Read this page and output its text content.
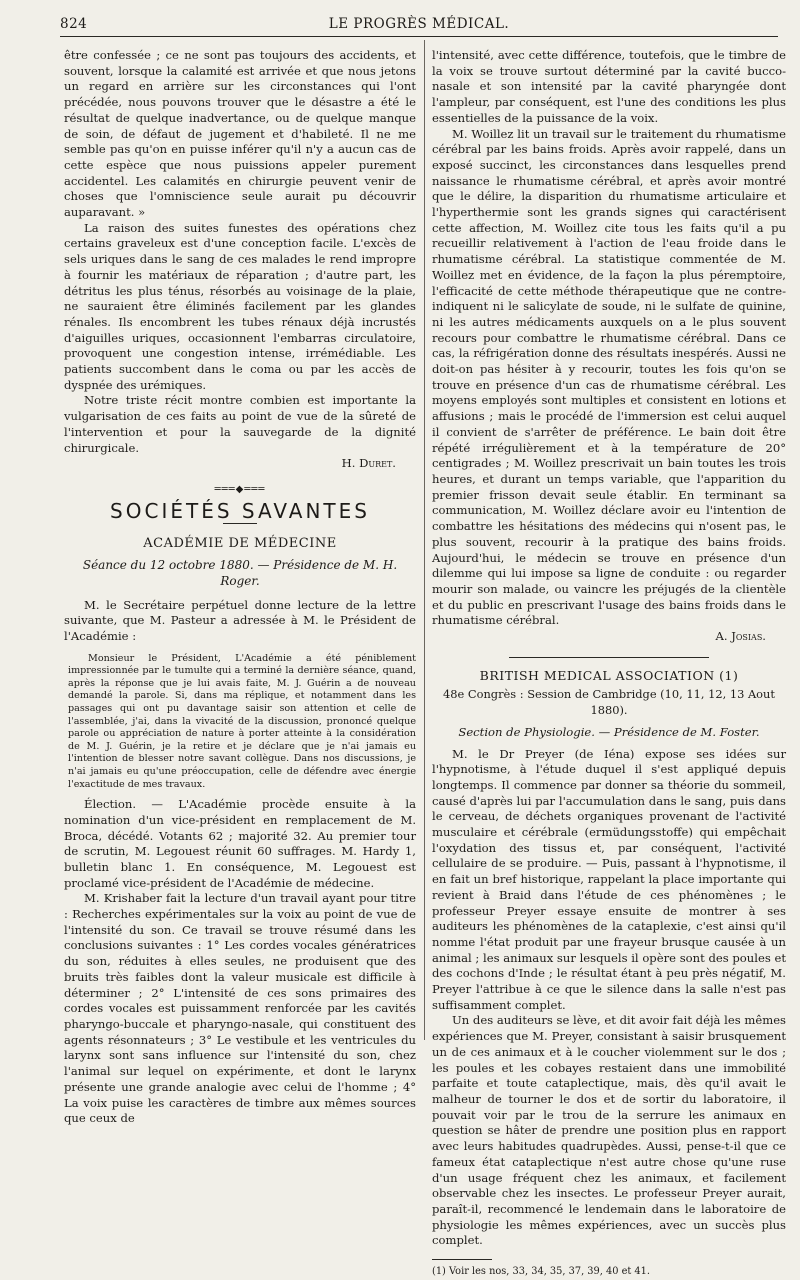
824	LE PROGRÈS MÉDICAL.

être confessée ; ce ne sont pas toujours des accidents, et souvent, lorsque la calamité est arrivée et que nous jetons un regard en arrière sur les circonstances qui l'ont précédée, nous pouvons trouver que le désastre a été le résultat de quelque inadvertance, ou de quelque manque de soin, de défaut de jugement et d'habileté. Il ne me semble pas qu'on en puisse inférer qu'il n'y a aucun cas de cette espèce que nous puissions appeler purement accidentel. Les calamités en chirurgie peuvent venir de choses que l'omniscience seule aurait pu découvrir auparavant. »

La raison des suites funestes des opérations chez certains graveleux est d'une conception facile. L'excès de sels uriques dans le sang de ces malades le rend impropre à fournir les matériaux de réparation ; d'autre part, les détritus les plus ténus, résorbés au voisinage de la plaie, ne sauraient être éliminés facilement par les glandes rénales. Ils encombrent les tubes rénaux déjà incrustés d'aiguilles uriques, occasionnent l'embarras circulatoire, provoquent une congestion intense, irrémédiable. Les patients succombent dans le coma ou par les accès de dyspnée des urémiques.

Notre triste récit montre combien est importante la vulgarisation de ces faits au point de vue de la sûreté de l'intervention et pour la sauvegarde de la dignité chirurgicale.

H. Duret.

═══◆═══
SOCIÉTÉS SAVANTES
ACADÉMIE DE MÉDECINE
Séance du 12 octobre 1880. — Présidence de M. H. Roger.

M. le Secrétaire perpétuel donne lecture de la lettre suivante, que M. Pasteur a adressée à M. le Président de l'Académie :

Monsieur le Président, L'Académie a été péniblement impressionnée par le tumulte qui a terminé la dernière séance, quand, après la réponse que je lui avais faite, M. J. Guérin a de nouveau demandé la parole. Si, dans ma réplique, et notamment dans les passages qui ont pu davantage saisir son attention et celle de l'assemblée, j'ai, dans la vivacité de la discussion, prononcé quelque parole ou appréciation de nature à porter atteinte à la considération de M. J. Guérin, je la retire et je déclare que je n'ai jamais eu l'intention de blesser notre savant collègue. Dans nos discussions, je n'ai jamais eu qu'une préoccupation, celle de défendre avec énergie l'exactitude de mes travaux.

Élection. — L'Académie procède ensuite à la nomination d'un vice-président en remplacement de M. Broca, décédé. Votants 62 ; majorité 32. Au premier tour de scrutin, M. Legouest réunit 60 suffrages. M. Hardy 1, bulletin blanc 1. En conséquence, M. Legouest est proclamé vice-président de l'Académie de médecine.

M. Krishaber fait la lecture d'un travail ayant pour titre : Recherches expérimentales sur la voix au point de vue de l'intensité du son. Ce travail se trouve résumé dans les conclusions suivantes : 1° Les cordes vocales génératrices du son, réduites à elles seules, ne produisent que des bruits très faibles dont la valeur musicale est difficile à déterminer ; 2° L'intensité de ces sons primaires des cordes vocales est puissamment renforcée par les cavités pharyngo-buccale et pharyngo-nasale, qui constituent des agents résonnateurs ; 3° Le vestibule et les ventricules du larynx sont sans influence sur l'intensité du son, chez l'animal sur lequel on expérimente, et dont le larynx présente une grande analogie avec celui de l'homme ; 4° La voix puise les caractères de timbre aux mêmes sources que ceux de

l'intensité, avec cette différence, toutefois, que le timbre de la voix se trouve surtout déterminé par la cavité bucco-nasale et son intensité par la cavité pharyngée dont l'ampleur, par conséquent, est l'une des conditions les plus essentielles de la puissance de la voix.

M. Woillez lit un travail sur le traitement du rhumatisme cérébral par les bains froids. Après avoir rappelé, dans un exposé succinct, les circonstances dans lesquelles prend naissance le rhumatisme cérébral, et après avoir montré que le délire, la disparition du rhumatisme articulaire et l'hyperthermie sont les grands signes qui caractérisent cette affection, M. Woillez cite tous les faits qu'il a pu recueillir relativement à l'action de l'eau froide dans le rhumatisme cérébral. La statistique commentée de M. Woillez met en évidence, de la façon la plus péremptoire, l'efficacité de cette méthode thérapeutique que ne contre-indiquent ni le salicylate de soude, ni le sulfate de quinine, ni les autres médicaments auxquels on a le plus souvent recours pour combattre le rhumatisme cérébral. Dans ce cas, la réfrigération donne des résultats inespérés. Aussi ne doit-on pas hésiter à y recourir, toutes les fois qu'on se trouve en présence d'un cas de rhumatisme cérébral. Les moyens employés sont multiples et consistent en lotions et affusions ; mais le procédé de l'immersion est celui auquel il convient de s'arrêter de préférence. Le bain doit être répété irrégulièrement et à la température de 20° centigrades ; M. Woillez prescrivait un bain toutes les trois heures, et durant un temps variable, que l'apparition du premier frisson devait seule établir. En terminant sa communication, M. Woillez déclare avoir eu l'intention de combattre les hésitations des médecins qui n'osent pas, le plus souvent, recourir à la pratique des bains froids. Aujourd'hui, le médecin se trouve en présence d'un dilemme qui lui impose sa ligne de conduite : ou regarder mourir son malade, ou vaincre les préjugés de la clientèle et du public en prescrivant l'usage des bains froids dans le rhumatisme cérébral.

A. Josias.

BRITISH MEDICAL ASSOCIATION (1)
48e Congrès : Session de Cambridge (10, 11, 12, 13 Aout 1880).
Section de Physiologie. — Présidence de M. Foster.

M. le Dr Preyer (de Iéna) expose ses idées sur l'hypnotisme, à l'étude duquel il s'est appliqué depuis longtemps. Il commence par donner sa théorie du sommeil, causé d'après lui par l'accumulation dans le sang, puis dans le cerveau, de déchets organiques provenant de l'activité musculaire et cérébrale (ermüdungsstoffe) qui empêchait l'oxydation des tissus et, par conséquent, l'activité cellulaire de se produire. — Puis, passant à l'hypnotisme, il en fait un bref historique, rappelant la place importante qui revient à Braid dans l'étude de ces phénomènes ; le professeur Preyer essaye ensuite de montrer à ses auditeurs les phénomènes de la cataplexie, c'est ainsi qu'il nomme l'état produit par une frayeur brusque causée à un animal ; les animaux sur lesquels il opère sont des poules et des cochons d'Inde ; le résultat étant à peu près négatif, M. Preyer l'attribue à ce que le silence dans la salle n'est pas suffisamment complet.

Un des auditeurs se lève, et dit avoir fait déjà les mêmes expériences que M. Preyer, consistant à saisir brusquement un de ces animaux et à le coucher violemment sur le dos ; les poules et les cobayes restaient dans une immobilité parfaite et toute cataplectique, mais, dès qu'il avait le malheur de tourner le dos et de sortir du laboratoire, il pouvait voir par le trou de la serrure les animaux en question se hâter de prendre une position plus en rapport avec leurs habitudes quadrupèdes. Aussi, pense-t-il que ce fameux état cataplectique n'est autre chose qu'une ruse d'un usage fréquent chez les animaux, et facilement observable chez les insectes. Le professeur Preyer aurait, paraît-il, recommencé le lendemain dans le laboratoire de physiologie les mêmes expériences, avec un succès plus complet.

(1) Voir les nos, 33, 34, 35, 37, 39, 40 et 41.
